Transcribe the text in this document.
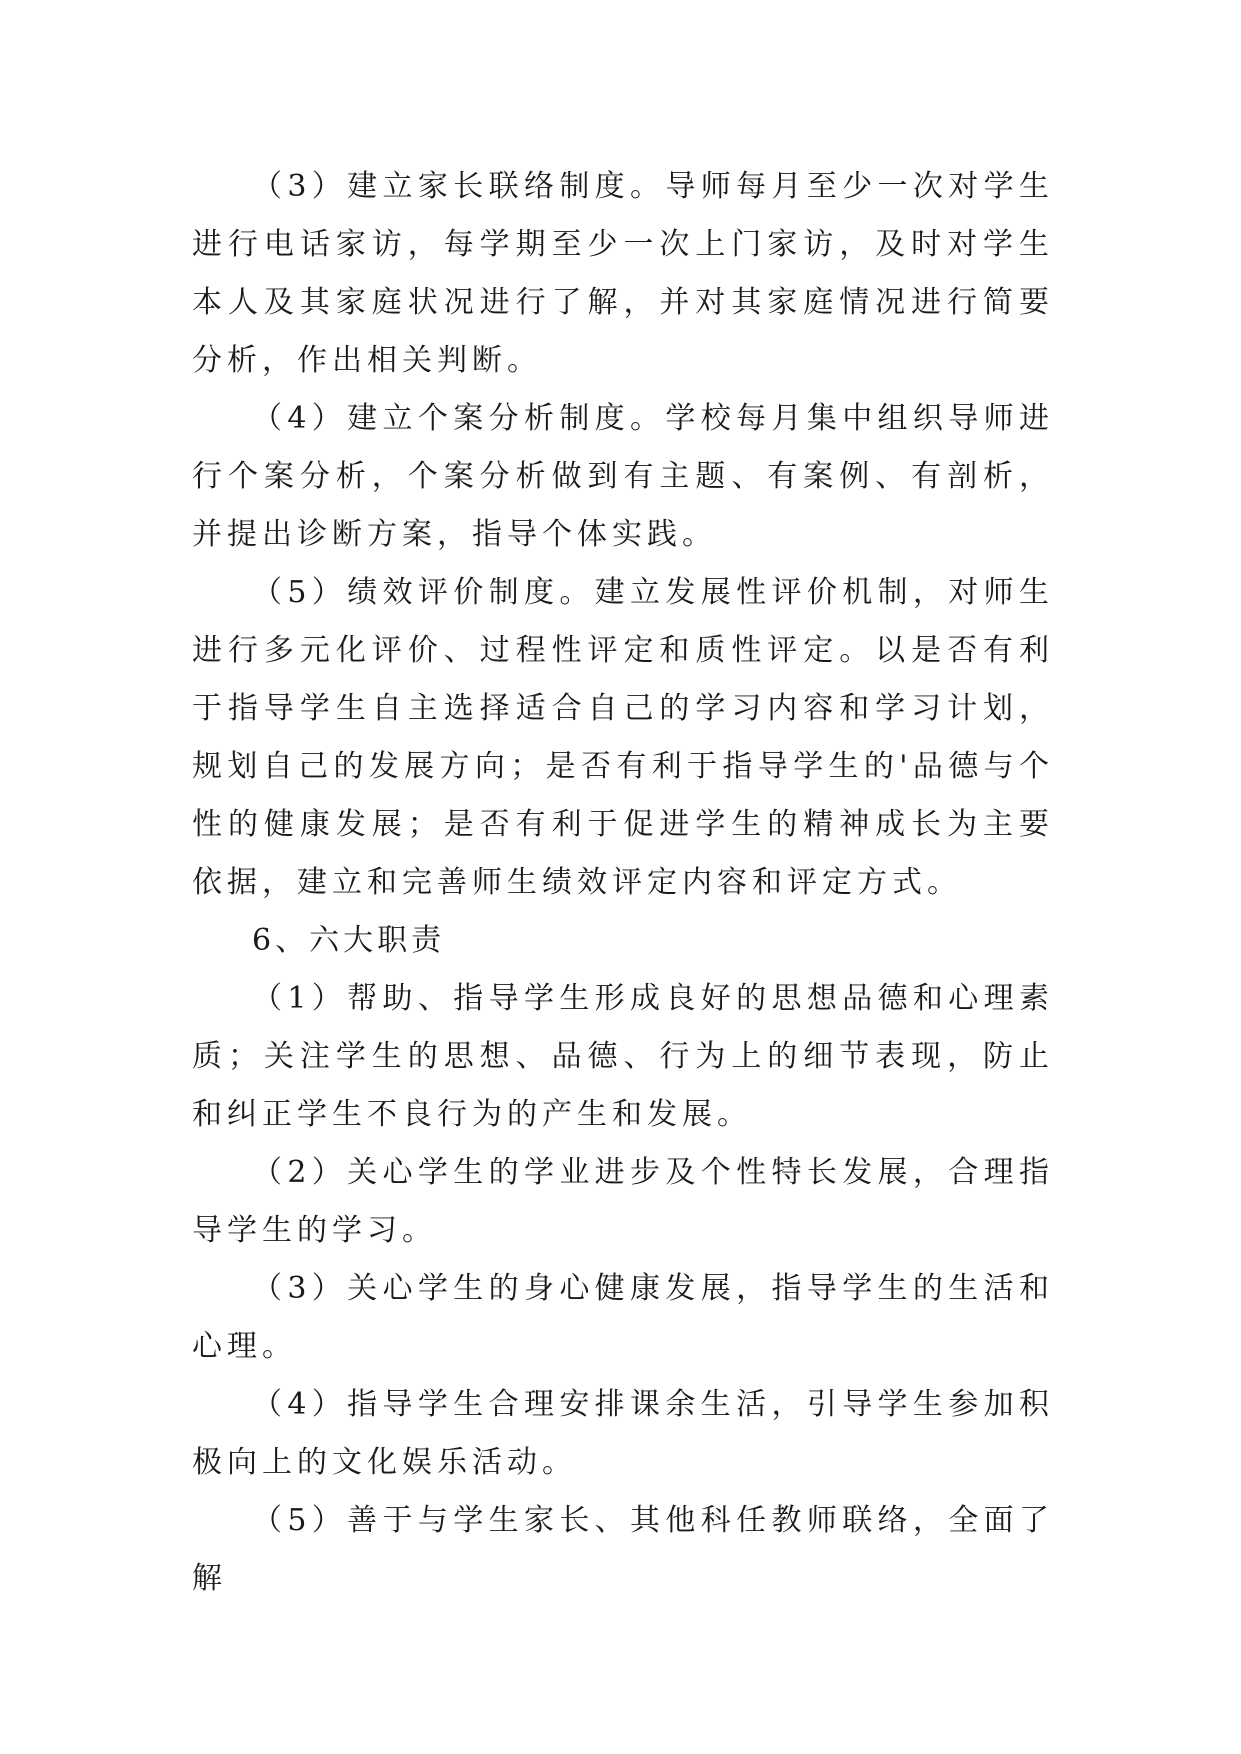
（3）建立家长联络制度。导师每月至少一次对学生进行电话家访，每学期至少一次上门家访，及时对学生本人及其家庭状况进行了解，并对其家庭情况进行简要分析，作出相关判断。

（4）建立个案分析制度。学校每月集中组织导师进行个案分析，个案分析做到有主题、有案例、有剖析，并提出诊断方案，指导个体实践。

（5）绩效评价制度。建立发展性评价机制，对师生进行多元化评价、过程性评定和质性评定。以是否有利于指导学生自主选择适合自己的学习内容和学习计划，规划自己的发展方向；是否有利于指导学生的'品德与个性的健康发展；是否有利于促进学生的精神成长为主要依据，建立和完善师生绩效评定内容和评定方式。

6、六大职责

（1）帮助、指导学生形成良好的思想品德和心理素质；关注学生的思想、品德、行为上的细节表现，防止和纠正学生不良行为的产生和发展。

（2）关心学生的学业进步及个性特长发展，合理指导学生的学习。

（3）关心学生的身心健康发展，指导学生的生活和心理。

（4）指导学生合理安排课余生活，引导学生参加积极向上的文化娱乐活动。

（5）善于与学生家长、其他科任教师联络，全面了解
